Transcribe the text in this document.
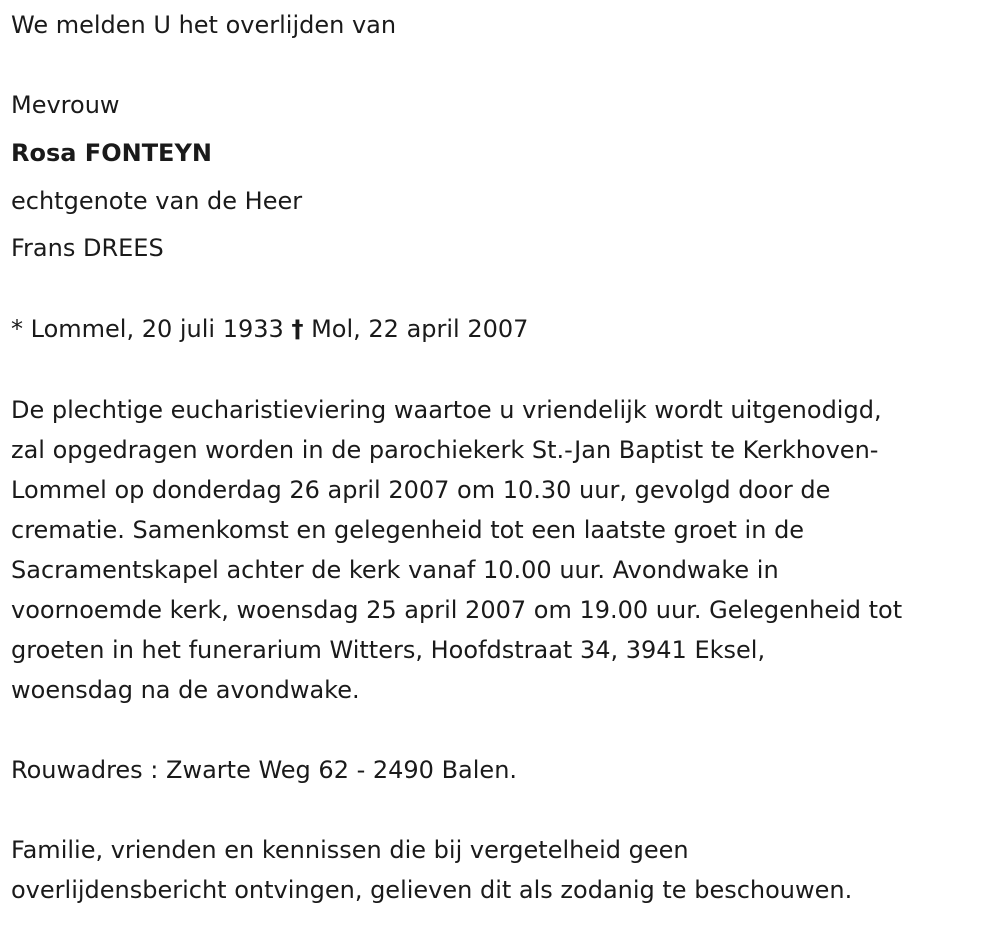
We melden U het overlijden van

Mevrouw

Rosa FONTEYN

echtgenote van de Heer

Frans DREES

* Lommel, 20 juli 1933 † Mol, 22 april 2007

De plechtige eucharistieviering waartoe u vriendelijk wordt uitgenodigd,
zal opgedragen worden in de parochiekerk St.-Jan Baptist te Kerkhoven-
Lommel op donderdag 26 april 2007 om 10.30 uur, gevolgd door de
crematie. Samenkomst en gelegenheid tot een laatste groet in de
Sacramentskapel achter de kerk vanaf 10.00 uur. Avondwake in
voornoemde kerk, woensdag 25 april 2007 om 19.00 uur. Gelegenheid tot
groeten in het funerarium Witters, Hoofdstraat 34, 3941 Eksel,
woensdag na de avondwake.

Rouwadres : Zwarte Weg 62 - 2490 Balen.

Familie, vrienden en kennissen die bij vergetelheid geen
overlijdensbericht ontvingen, gelieven dit als zodanig te beschouwen.
